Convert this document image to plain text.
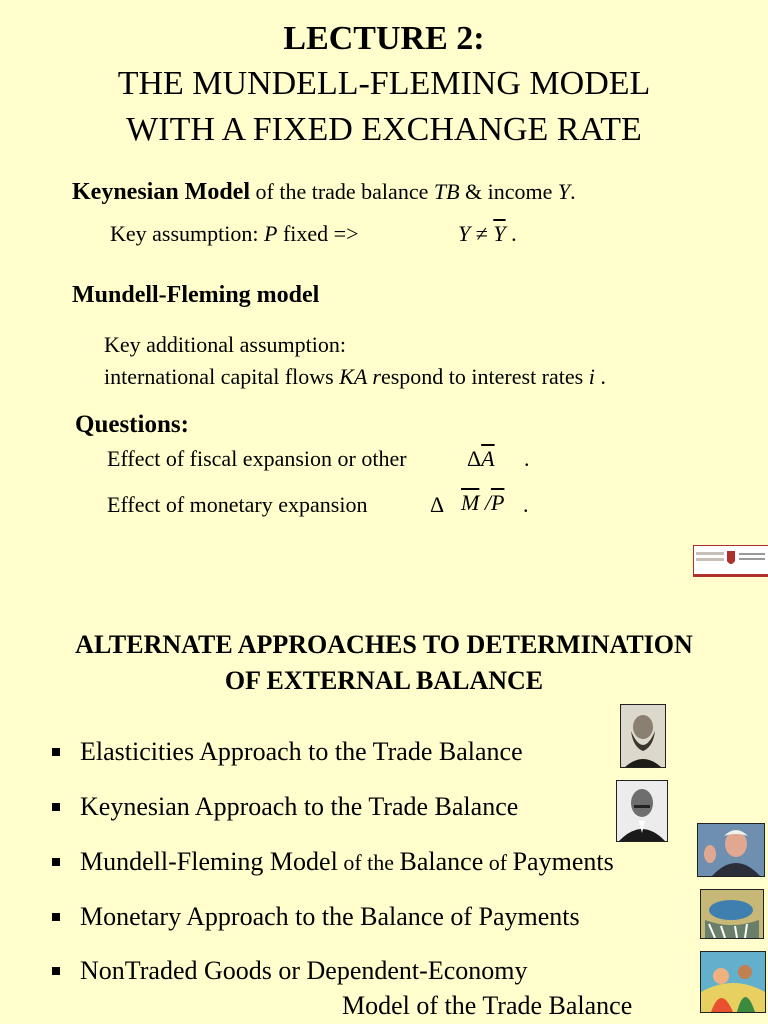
LECTURE 2:
THE MUNDELL-FLEMING MODEL
WITH A FIXED EXCHANGE RATE
Keynesian Model of the trade balance TB & income Y.
Key assumption: P fixed =>	$Y \ne \overline{Y}$ .
Mundell-Fleming model
Key additional assumption:
international capital flows KA respond to interest rates i .
Questions:
Effect of fiscal expansion or other	$\Delta\overline{A}$ .
Effect of monetary expansion	Δ $\overline{M}$ $/\overline{P}$ .
ALTERNATE APPROACHES TO DETERMINATION
OF EXTERNAL BALANCE
Elasticities Approach to the Trade Balance
Keynesian Approach to the Trade Balance
Mundell-Fleming Model of the Balance of Payments
Monetary Approach to the Balance of Payments
NonTraded Goods or Dependent-Economy
Model of the Trade Balance
